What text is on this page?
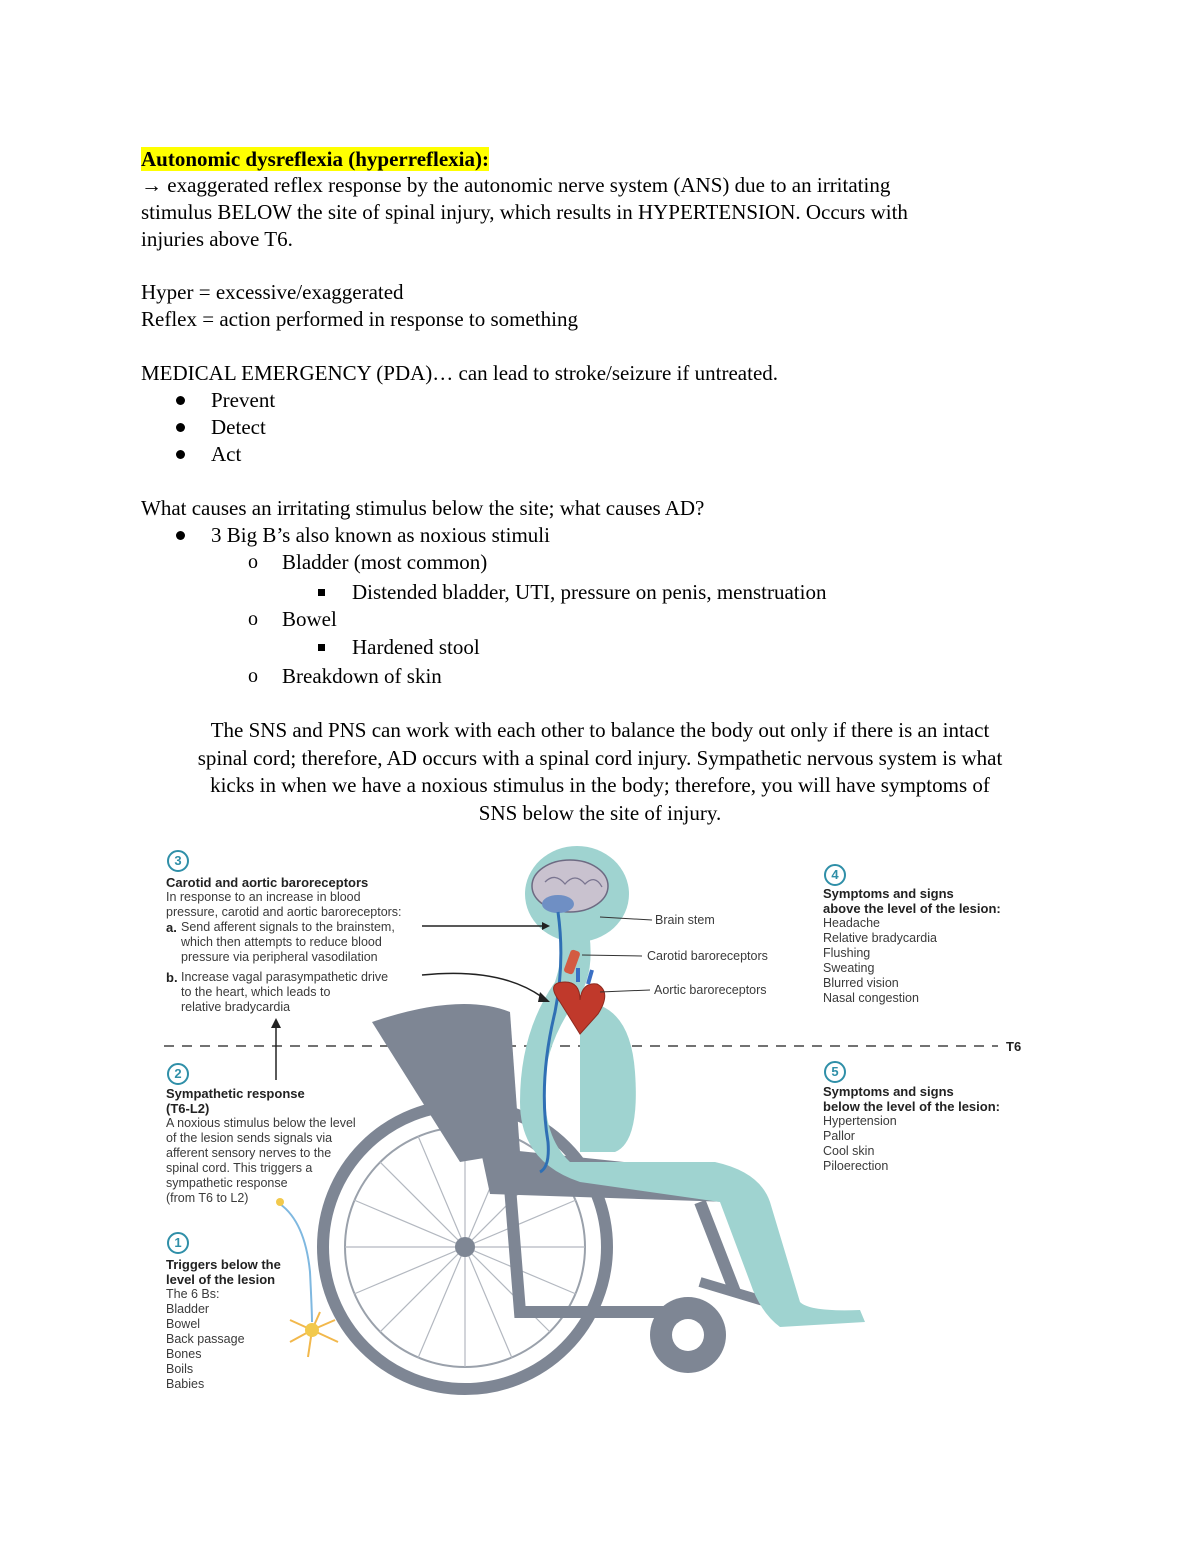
Autonomic dysreflexia (hyperreflexia):
→ exaggerated reflex response by the autonomic nerve system (ANS) due to an irritating
stimulus BELOW the site of spinal injury, which results in HYPERTENSION. Occurs with
injuries above T6.
Hyper = excessive/exaggerated
Reflex = action performed in response to something
MEDICAL EMERGENCY (PDA)… can lead to stroke/seizure if untreated.
Prevent
Detect
Act
What causes an irritating stimulus below the site; what causes AD?
3 Big B’s also known as noxious stimuli
o Bladder (most common)
Distended bladder, UTI, pressure on penis, menstruation
o Bowel
Hardened stool
o Breakdown of skin
The SNS and PNS can work with each other to balance the body out only if there is an intact
spinal cord; therefore, AD occurs with a spinal cord injury. Sympathetic nervous system is what
kicks in when we have a noxious stimulus in the body; therefore, you will have symptoms of
SNS below the site of injury.
3
Carotid and aortic baroreceptors
In response to an increase in blood
pressure, carotid and aortic baroreceptors:
a. Send afferent signals to the brainstem,
which then attempts to reduce blood
pressure via peripheral vasodilation
b. Increase vagal parasympathetic drive
to the heart, which leads to
relative bradycardia
Brain stem
Carotid baroreceptors
Aortic baroreceptors
T6
4
Symptoms and signs
above the level of the lesion:
Headache
Relative bradycardia
Flushing
Sweating
Blurred vision
Nasal congestion
2
Sympathetic response
(T6-L2)
A noxious stimulus below the level
of the lesion sends signals via
afferent sensory nerves to the
spinal cord. This triggers a
sympathetic response
(from T6 to L2)
5
Symptoms and signs
below the level of the lesion:
Hypertension
Pallor
Cool skin
Piloerection
1
Triggers below the
level of the lesion
The 6 Bs:
Bladder
Bowel
Back passage
Bones
Boils
Babies
